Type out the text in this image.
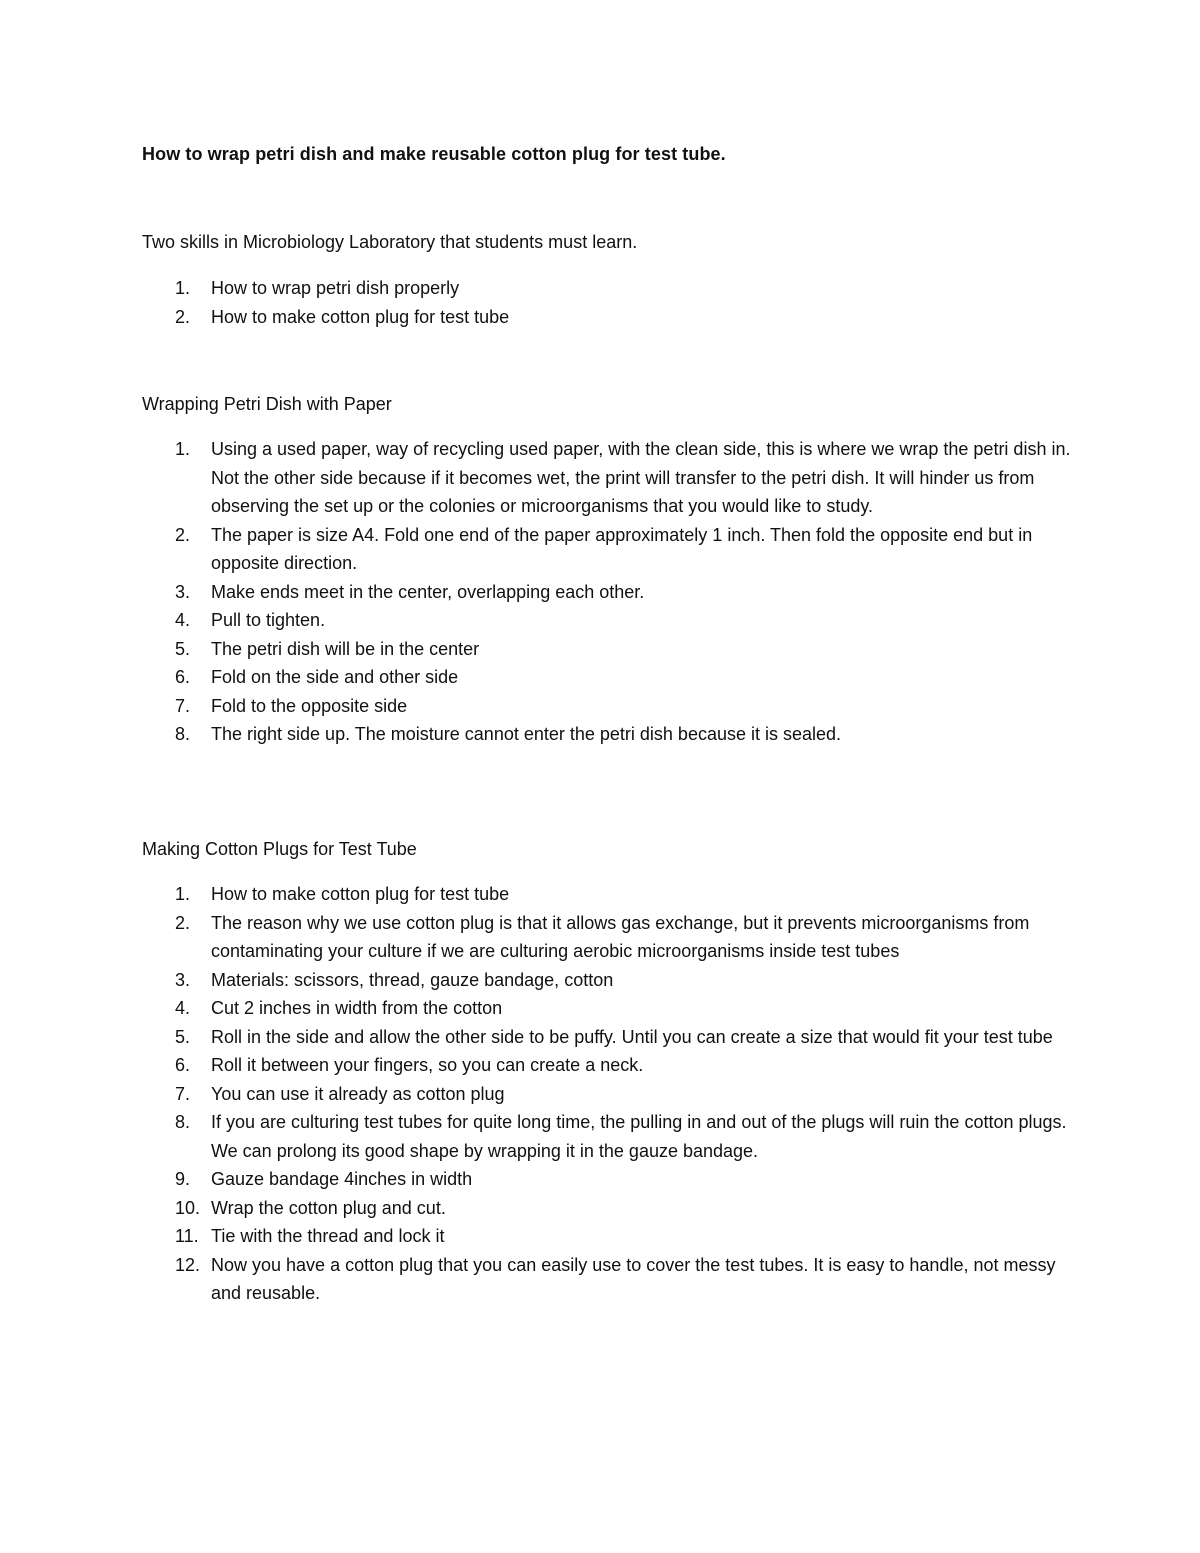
How to wrap petri dish and make reusable cotton plug for test tube.

Two skills in Microbiology Laboratory that students must learn.

1.	How to wrap petri dish properly
2.	How to make cotton plug for test tube
Wrapping Petri Dish with Paper
1.	Using a used paper, way of recycling used paper, with the clean side, this is where we wrap the petri dish in. Not the other side because if it becomes wet, the print will transfer to the petri dish. It will hinder us from observing the set up or the colonies or microorganisms that you would like to study.
2.	The paper is size A4. Fold one end of the paper approximately 1 inch. Then fold the opposite end but in opposite direction.
3.	Make ends meet in the center, overlapping each other.
4.	Pull to tighten.
5.	The petri dish will be in the center
6.	Fold on the side and other side
7.	Fold to the opposite side
8.	The right side up. The moisture cannot enter the petri dish because it is sealed.
Making Cotton Plugs for Test Tube
1.	How to make cotton plug for test tube
2.	The reason why we use cotton plug is that it allows gas exchange, but it prevents microorganisms from contaminating your culture if we are culturing aerobic microorganisms inside test tubes
3.	Materials: scissors, thread, gauze bandage, cotton
4.	Cut 2 inches in width from the cotton
5.	Roll in the side and allow the other side to be puffy. Until you can create a size that would fit your test tube
6.	Roll it between your fingers, so you can create a neck.
7.	You can use it already as cotton plug
8.	If you are culturing test tubes for quite long time, the pulling in and out of the plugs will ruin the cotton plugs. We can prolong its good shape by wrapping it in the gauze bandage.
9.	Gauze bandage 4inches in width
10. Wrap the cotton plug and cut.
11. Tie with the thread and lock it
12. Now you have a cotton plug that you can easily use to cover the test tubes. It is easy to handle, not messy and reusable.
